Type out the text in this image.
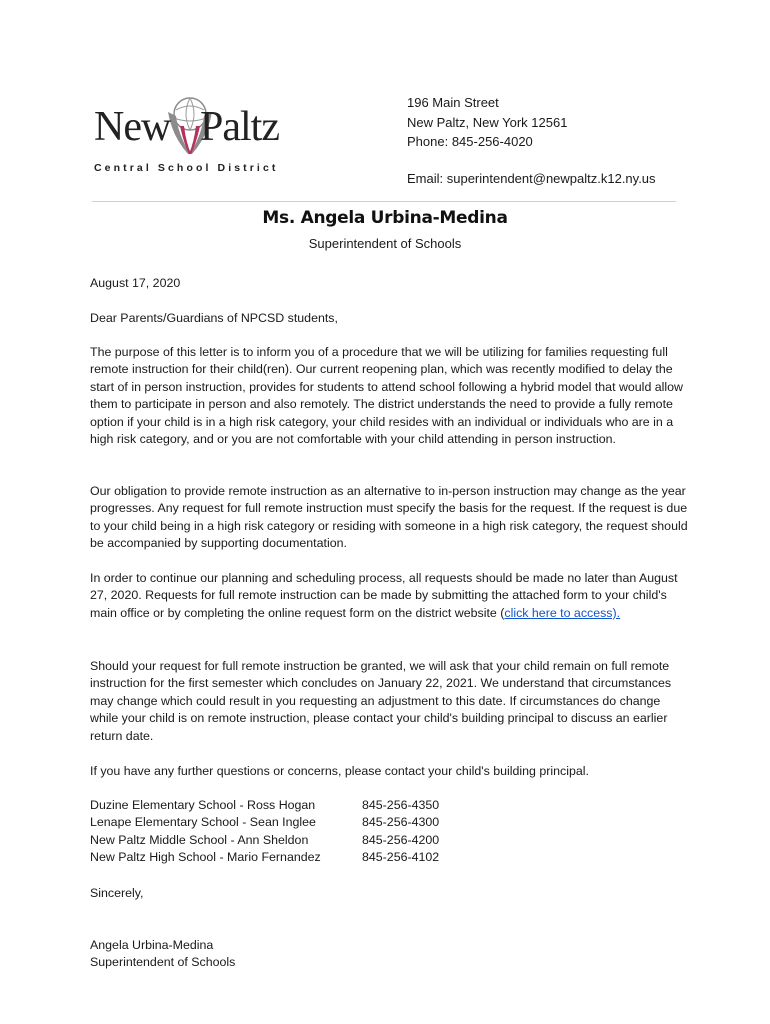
New Paltz
Central School District
196 Main Street
New Paltz, New York 12561
Phone: 845-256-4020
Email: superintendent@newpaltz.k12.ny.us
Ms. Angela Urbina-Medina
Superintendent of Schools

August 17, 2020

Dear Parents/Guardians of NPCSD students,

The purpose of this letter is to inform you of a procedure that we will be utilizing for families requesting full remote instruction for their child(ren). Our current reopening plan, which was recently modified to delay the start of in person instruction, provides for students to attend school following a hybrid model that would allow them to participate in person and also remotely. The district understands the need to provide a fully remote option if your child is in a high risk category, your child resides with an individual or individuals who are in a high risk category, and or you are not comfortable with your child attending in person instruction.

Our obligation to provide remote instruction as an alternative to in-person instruction may change as the year progresses. Any request for full remote instruction must specify the basis for the request. If the request is due to your child being in a high risk category or residing with someone in a high risk category, the request should be accompanied by supporting documentation.

In order to continue our planning and scheduling process, all requests should be made no later than August 27, 2020. Requests for full remote instruction can be made by submitting the attached form to your child's main office or by completing the online request form on the district website (click here to access).

Should your request for full remote instruction be granted, we will ask that your child remain on full remote instruction for the first semester which concludes on January 22, 2021. We understand that circumstances may change which could result in you requesting an adjustment to this date. If circumstances do change while your child is on remote instruction, please contact your child's building principal to discuss an earlier return date.

If you have any further questions or concerns, please contact your child's building principal.

Duzine Elementary School - Ross Hogan	845-256-4350
Lenape Elementary School - Sean Inglee	845-256-4300
New Paltz Middle School - Ann Sheldon	845-256-4200
New Paltz High School - Mario Fernandez	845-256-4102

Sincerely,

Angela Urbina-Medina

Superintendent of Schools
